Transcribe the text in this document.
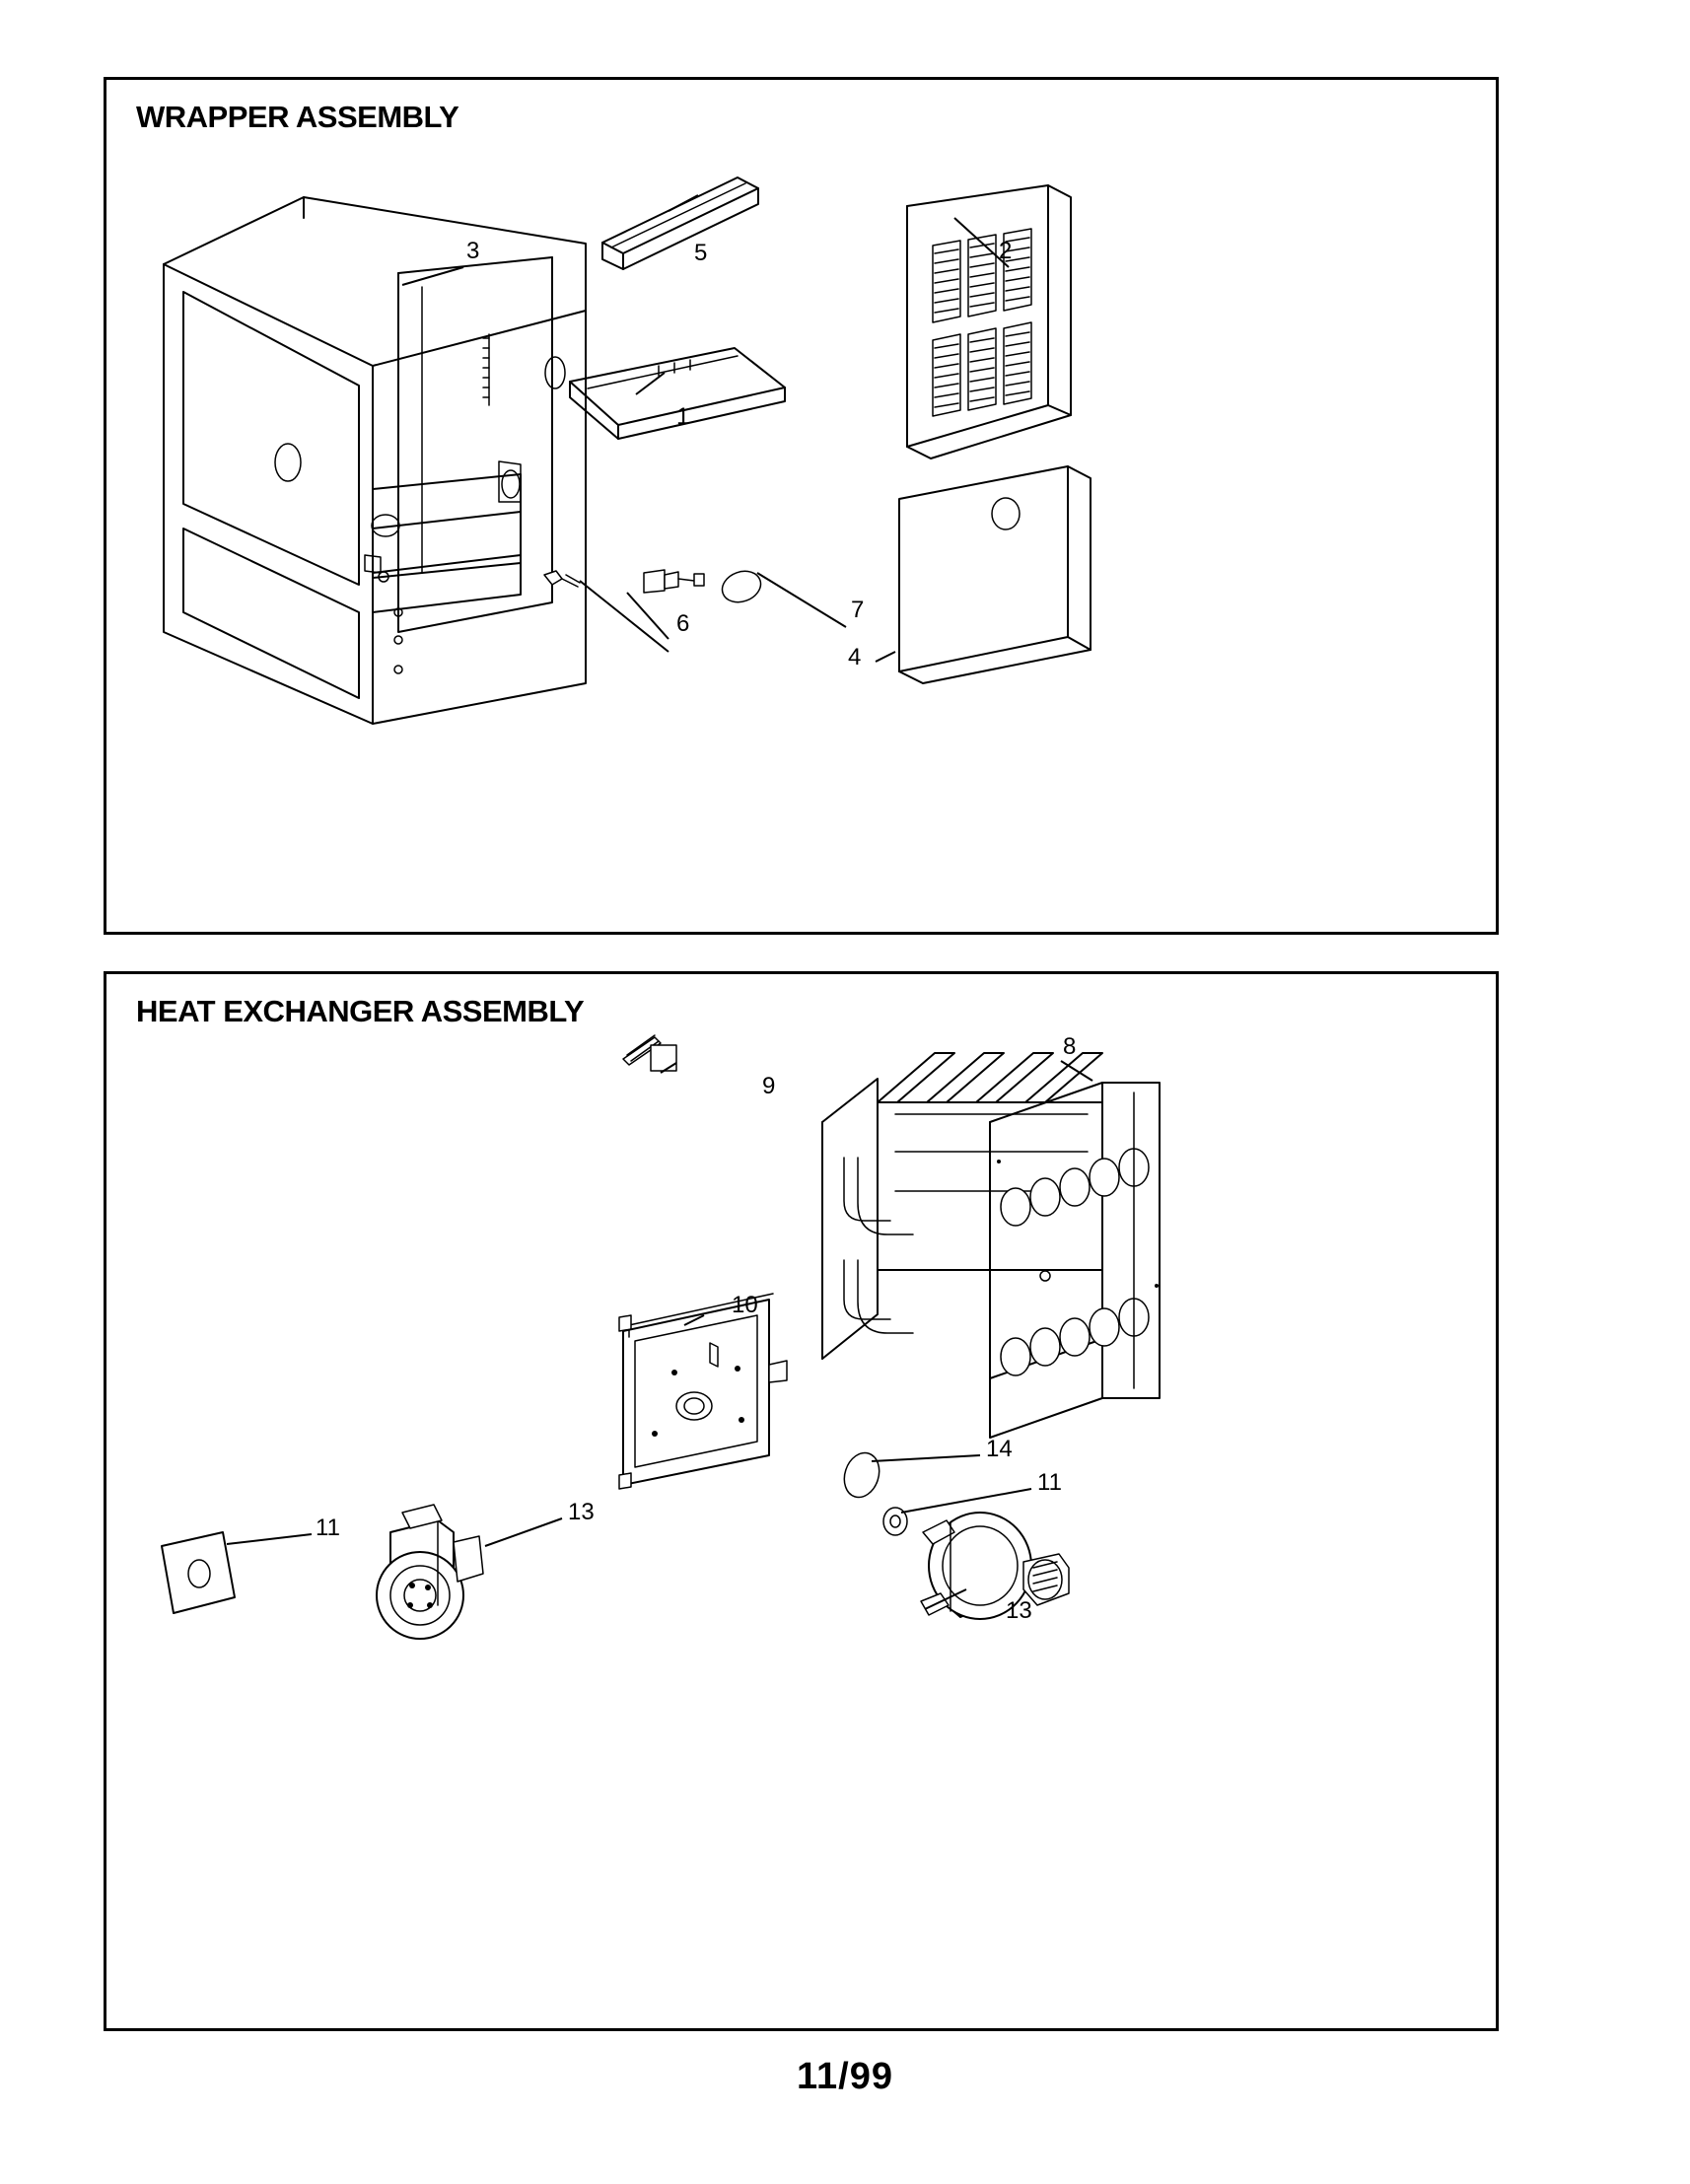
WRAPPER ASSEMBLY
3	5	2
1
6
7
4
HEAT EXCHANGER ASSEMBLY
8
9
10
14
11
11
13
13
11/99
